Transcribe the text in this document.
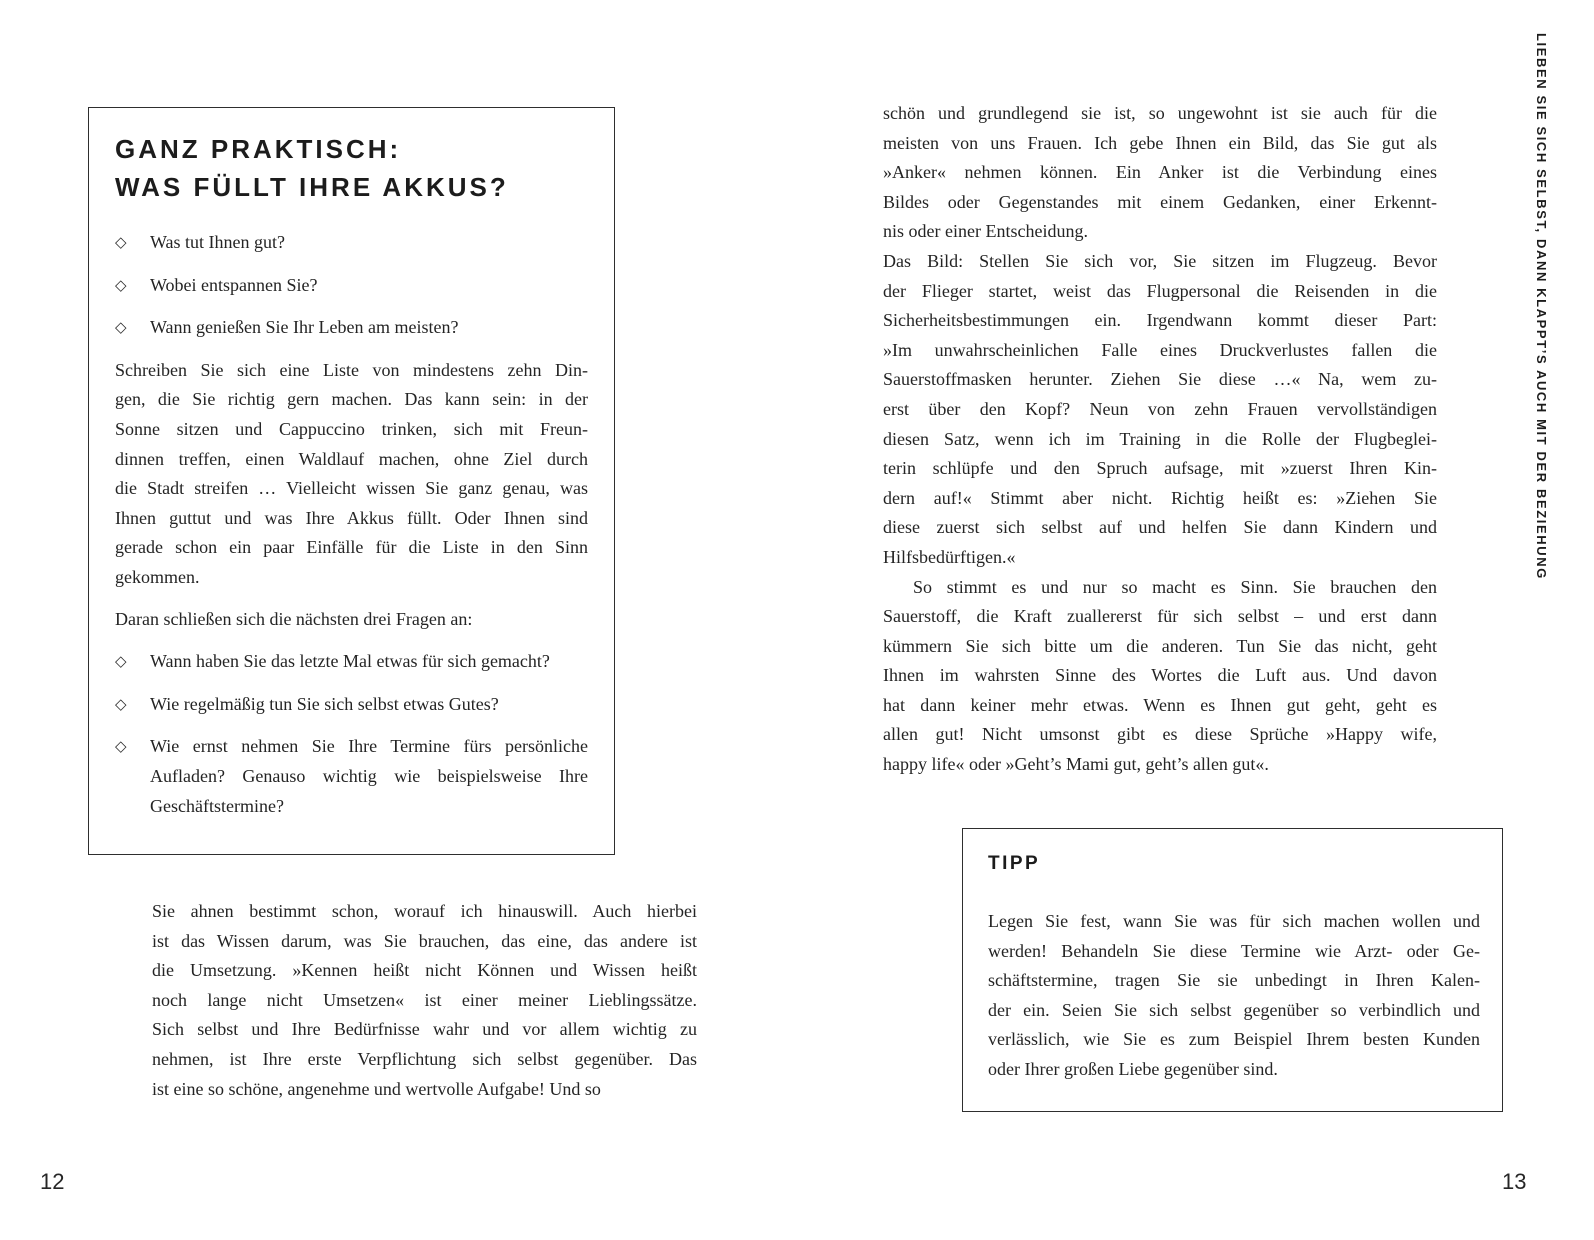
GANZ PRAKTISCH:
WAS FÜLLT IHRE AKKUS?
◇	Was tut Ihnen gut?
◇	Wobei entspannen Sie?
◇	Wann genießen Sie Ihr Leben am meisten?
Schreiben Sie sich eine Liste von mindestens zehn Din-
gen, die Sie richtig gern machen. Das kann sein: in der
Sonne sitzen und Cappuccino trinken, sich mit Freun-
dinnen treffen, einen Waldlauf machen, ohne Ziel durch
die Stadt streifen … Vielleicht wissen Sie ganz genau, was
Ihnen guttut und was Ihre Akkus füllt. Oder Ihnen sind
gerade schon ein paar Einfälle für die Liste in den Sinn
gekommen.
Daran schließen sich die nächsten drei Fragen an:
◇	Wann haben Sie das letzte Mal etwas für sich gemacht?
◇	Wie regelmäßig tun Sie sich selbst etwas Gutes?
◇	Wie ernst nehmen Sie Ihre Termine fürs persönliche
Aufladen? Genauso wichtig wie beispielsweise Ihre
Geschäftstermine?
Sie ahnen bestimmt schon, worauf ich hinauswill. Auch hierbei
ist das Wissen darum, was Sie brauchen, das eine, das andere ist
die Umsetzung. »Kennen heißt nicht Können und Wissen heißt
noch lange nicht Umsetzen« ist einer meiner Lieblingssätze.
Sich selbst und Ihre Bedürfnisse wahr und vor allem wichtig zu
nehmen, ist Ihre erste Verpflichtung sich selbst gegenüber. Das
ist eine so schöne, angenehme und wertvolle Aufgabe! Und so
12
schön und grundlegend sie ist, so ungewohnt ist sie auch für die
meisten von uns Frauen. Ich gebe Ihnen ein Bild, das Sie gut als
»Anker« nehmen können. Ein Anker ist die Verbindung eines
Bildes oder Gegenstandes mit einem Gedanken, einer Erkennt-
nis oder einer Entscheidung.
Das Bild: Stellen Sie sich vor, Sie sitzen im Flugzeug. Bevor
der Flieger startet, weist das Flugpersonal die Reisenden in die
Sicherheitsbestimmungen ein. Irgendwann kommt dieser Part:
»Im unwahrscheinlichen Falle eines Druckverlustes fallen die
Sauerstoffmasken herunter. Ziehen Sie diese …« Na, wem zu-
erst über den Kopf? Neun von zehn Frauen vervollständigen
diesen Satz, wenn ich im Training in die Rolle der Flugbeglei-
terin schlüpfe und den Spruch aufsage, mit »zuerst Ihren Kin-
dern auf!« Stimmt aber nicht. Richtig heißt es: »Ziehen Sie
diese zuerst sich selbst auf und helfen Sie dann Kindern und
Hilfsbedürftigen.«
So stimmt es und nur so macht es Sinn. Sie brauchen den
Sauerstoff, die Kraft zuallererst für sich selbst – und erst dann
kümmern Sie sich bitte um die anderen. Tun Sie das nicht, geht
Ihnen im wahrsten Sinne des Wortes die Luft aus. Und davon
hat dann keiner mehr etwas. Wenn es Ihnen gut geht, geht es
allen gut! Nicht umsonst gibt es diese Sprüche »Happy wife,
happy life« oder »Geht’s Mami gut, geht’s allen gut«.
TIPP
Legen Sie fest, wann Sie was für sich machen wollen und
werden! Behandeln Sie diese Termine wie Arzt- oder Ge-
schäftstermine, tragen Sie sie unbedingt in Ihren Kalen-
der ein. Seien Sie sich selbst gegenüber so verbindlich und
verlässlich, wie Sie es zum Beispiel Ihrem besten Kunden
oder Ihrer großen Liebe gegenüber sind.
LIEBEN SIE SICH SELBST, DANN KLAPPT’S AUCH MIT DER BEZIEHUNG
13
